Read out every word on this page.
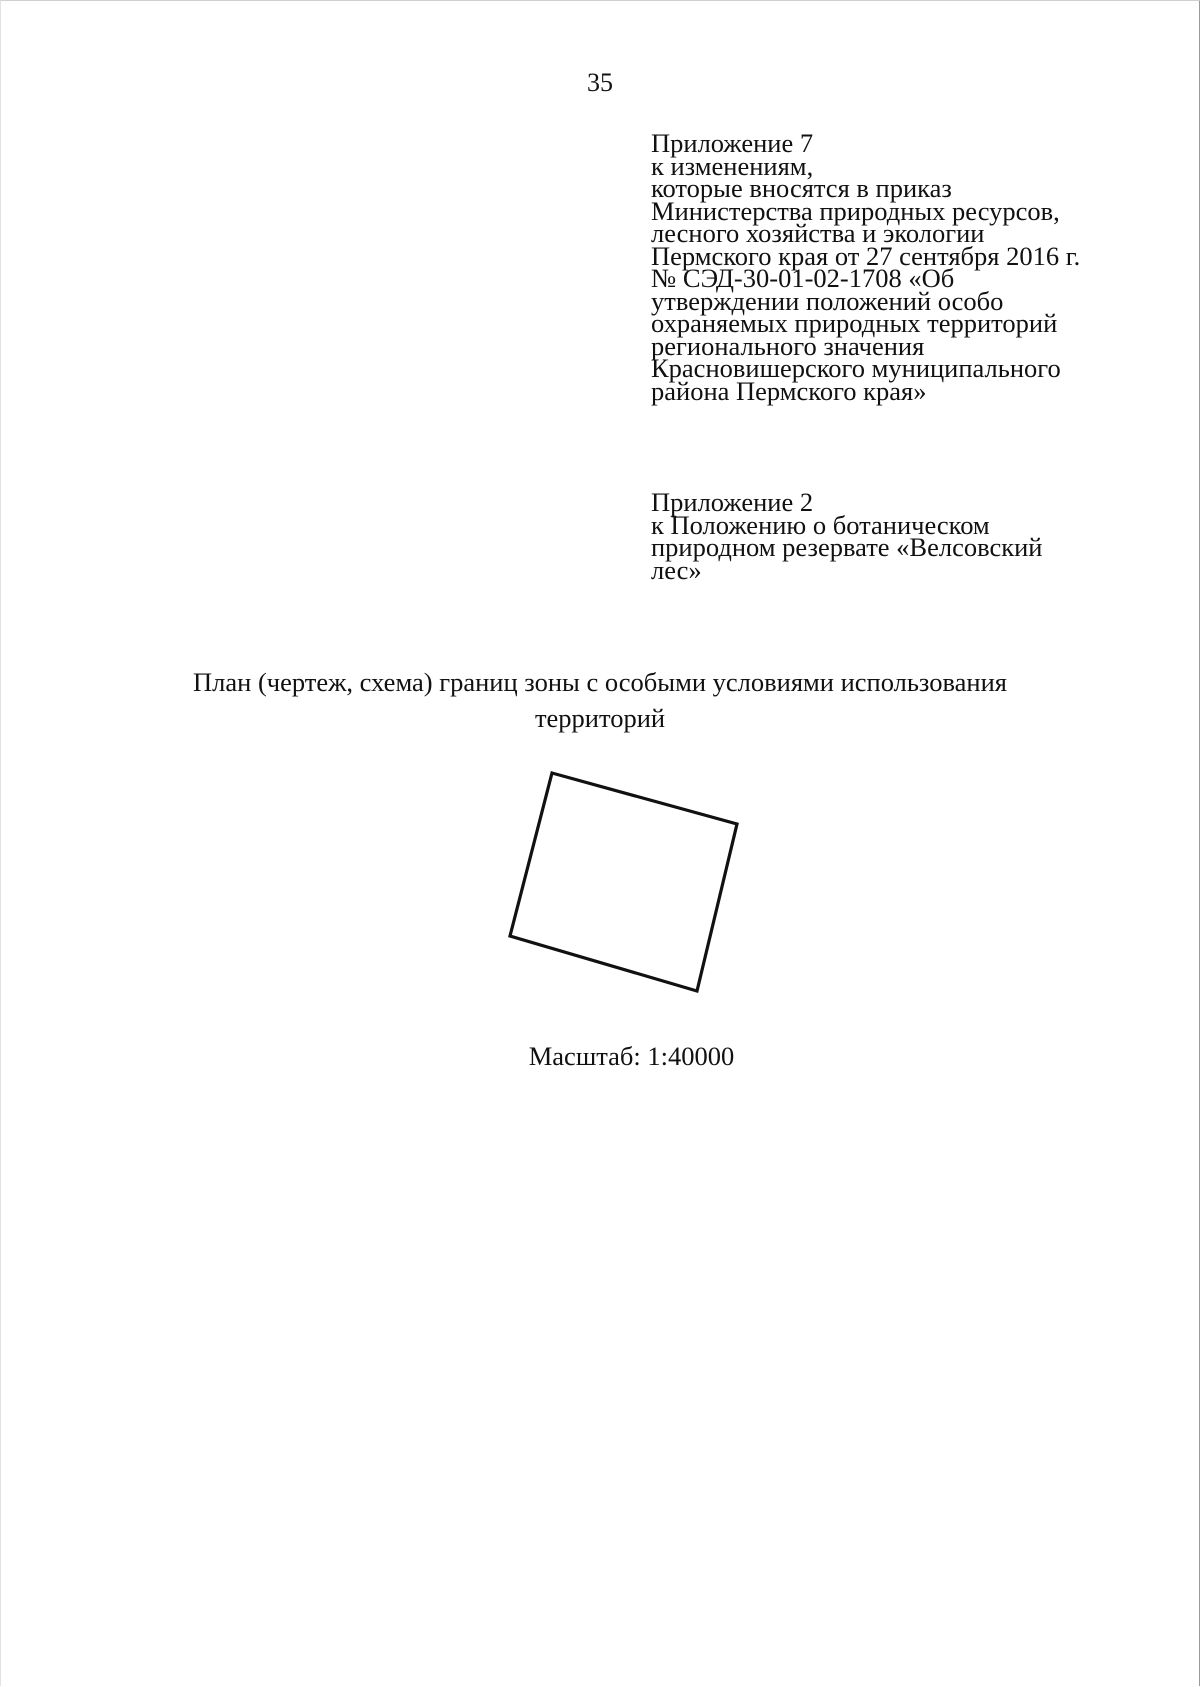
35
Приложение 7
к изменениям,
которые вносятся в приказ
Министерства природных ресурсов,
лесного хозяйства и экологии
Пермского края от 27 сентября 2016 г.
№ СЭД-30-01-02-1708 «Об
утверждении положений особо
охраняемых природных территорий
регионального значения
Красновишерского муниципального
района Пермского края»
Приложение 2
к Положению о ботаническом
природном резервате «Велсовский
лес»
План (чертеж, схема) границ зоны с особыми условиями использования
территорий
Масштаб: 1:40000
